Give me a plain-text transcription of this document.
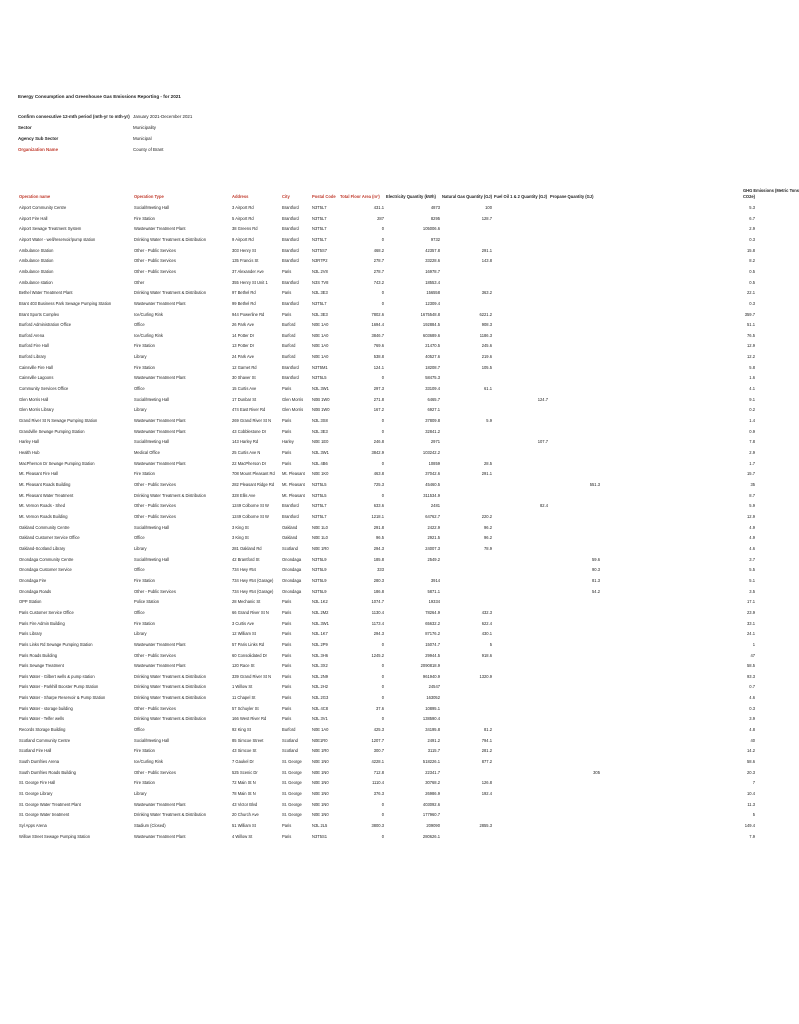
Energy Consumption and Greenhouse Gas Emissions Reporting - for 2021
Confirm consecutive 12-mth period (mth-yr to mth-yr) January 2021-December 2021
Sector	Municipality
Agency Sub Sector	Municipal
Organization Name	County of Brant
Operation name	Operation Type	Address	City	Postal Code	Total Floor Area (m²)	Electricity Quantity (kWh)	Natural Gas Quantity (GJ)	Fuel Oil 1 & 2 Quantity (GJ)	Propane Quantity (GJ)	GHG Emissions (Metric Tons
CO2e)
Airport Community Centre	Social/Meeting Hall	3 Airport Rd	Brantford	N3T5L7	431.1	4873	100			5.3
Airport Fire Hall	Fire Station	5 Airport Rd	Brantford	N3T5L7	287	8295	128.7			6.7
Airport Sewage Treatment System	Wastewater Treatment Plant	38 Greens Rd	Brantford	N3T5L7	0	105006.6				2.9
Airport Water - well/reservoir/pump station	Drinking Water Treatment & Distribution	9 Airport Rd	Brantford	N3T5L7	0	9732				0.3
Ambulance Station	Other - Public Services	303 Henry St	Brantford	N3T5S7	468.2	42357.8	291.1			15.8
Ambulance Station	Other - Public Services	135 Francis St	Brantford	N3R7P2	278.7	33228.6	143.8			8.2
Ambulance Station	Other - Public Services	37 Alexander Ave	Paris	N3L 2V8	278.7	16978.7				0.5
Ambulance station	Other	355 Henry St Unit 1	Brantford	N3S 7V8	743.2	18553.4				0.5
Bethel Water Treatment Plant	Drinking Water Treatment & Distribution	97 Bethel Rd	Paris	N3L 3E3	0	156558	363.2			22.1
Brant 403 Business Park Sewage Pumping Station	Wastewater Treatment Plant	99 Bethel Rd	Brantford	N3T5L7	0	12309.4				0.3
Brant Sports Complex	Ice/Curling Rink	944 Powerline Rd	Paris	N3L 3E3	7802.6	1675548.8	6221.2			359.7
Burford Administration Office	Office	26 Park Ave	Burford	N0E 1A0	1694.4	192884.5	908.3			51.1
Burford Arena	Ice/Curling Rink	14 Potter Dr	Burford	N0E 1A0	3846.7	603689.6	1186.3			76.5
Burford Fire Hall	Fire Station	13 Potter Dr	Burford	N0E 1A0	769.6	21470.5	245.6			12.9
Burford Library	Library	24 Park Ave	Burford	N0E 1A0	538.8	40527.6	219.6			12.2
Cainsville Fire Hall	Fire Station	12 Garnet Rd	Brantford	N3T5M1	124.1	18208.7	105.5			5.8
Cainsville Lagoons	Wastewater Treatment Plant	30 Shaver St	Brantford	N3T5L5	0	58475.3				1.6
Community Services Office	Office	15 Curtis Ave	Paris	N3L 3W1	297.3	33109.4	61.1			4.1
Glen Morris Hall	Social/Meeting Hall	17 Dunbar St	Glen Morris	N0B 1W0	271.8	6465.7		124.7		9.1
Glen Morris Library	Library	474 East River Rd	Glen Morris	N0B 1W0	167.2	6927.1				0.2
Grand River St N Sewage Pumping Station	Wastewater Treatment Plant	269 Grand River St N	Paris	N3L 3S8	0	37809.8	5.9			1.4
Grandville Sewage Pumping Station	Wastewater Treatment Plant	43 Cobblestone Dr	Paris	N3L 3E3	0	32841.2				0.9
Harley Hall	Social/Meeting Hall	143 Harley Rd	Harley	N0E 1E0	246.8	2971		107.7		7.8
Health Hub	Medical Office	25 Curtis Ave N	Paris	N3L 3W1	3842.9	103242.2				2.9
MacPherson Dr Sewage Pumping Station	Wastewater Treatment Plant	22 MacPherson Dr	Paris	N3L 4B6	0	10859	28.5			1.7
Mt. Pleasant Fire Hall	Fire Station	708 Mount Pleasant Rd	Mt. Pleasant	N0E 1K0	463.8	37042.6	291.1			15.7
Mt. Pleasant Roads Building	Other - Public Services	282 Pleasant Ridge Rd	Mt. Pleasant	N3T5L5	725.3	45460.5			551.3	35
Mt. Pleasant Water Treatment	Drinking Water Treatment & Distribution	328 Ellis Ave	Mt. Pleasant	N3T5L5	0	311534.9				8.7
Mt. Vernon Roads - Shed	Other - Public Services	1249 Colborne St W	Brantford	N3T5L7	633.6	2481		82.4		5.9
Mt. Vernon Roads Building	Other - Public Services	1249 Colborne St W	Brantford	N3T5L7	1218.1	64762.7	220.2			12.9
Oakland Community Centre	Social/Meeting Hall	3 King St	Oakland	N0E 1L0	291.8	2422.9	96.2			4.9
Oakland Customer Service Office	Office	3 King St	Oakland	N0E 1L0	96.5	2921.5	96.2			4.9
Oakland-Scotland Library	Library	281 Oakland Rd	Scotland	N0E 1R0	294.3	24007.3	78.9			4.6
Onondaga Community Centre	Social/Meeting Hall	42 Brantford St	Onondaga	N3T5L9	185.8	2549.2			59.6	3.7
Onondaga Customer Service	Office	734 Hwy #54	Onondaga	N3T5L9	333				90.3	5.5
Onondaga Fire	Fire Station	734 Hwy #54 (Garage)	Onondaga	N3T5L9	280.3	3914			81.3	5.1
Onondaga Roads	Other - Public Services	734 Hwy #54 (Garage)	Onondaga	N3T5L9	186.8	5871.1			54.2	3.5
OPP Station	Police Station	28 Mechanic St	Paris	N3L 1K2	1074.7	19334				17.1
Paris Customer Service Office	Office	66 Grand River St N	Paris	N3L 2M2	1130.4	78264.9	432.3			23.9
Paris Fire Admin Building	Fire Station	3 Curtis Ave	Paris	N3L 3W1	1173.4	65632.2	622.4			33.1
Paris Library	Library	12 William St	Paris	N3L 1K7	294.3	87176.2	430.1			24.1
Paris Links Rd Sewage Pumping Station	Wastewater Treatment Plant	57 Paris Links Rd	Paris	N3L 2P9	0	15074.7	5			1
Paris Roads Building	Other - Public Services	60 Consolidated Dr	Paris	N3L 3H6	1245.2	29944.5	918.6			47
Paris Sewage Treatment	Wastewater Treatment Plant	120 Race St	Paris	N3L 3X2	0	2090818.9				58.5
Paris Water - Gilbert wells & pump station	Drinking Water Treatment & Distribution	339 Grand River St N	Paris	N3L 2N9	0	961940.9	1320.9			93.3
Paris Water - Parkhill Booster Pump Station	Drinking Water Treatment & Distribution	1 Willow St	Paris	N3L 2H2	0	24547				0.7
Paris Water - Sharpe Reservoir & Pump Station	Drinking Water Treatment & Distribution	11 Chapel St	Paris	N3L 2G3	0	163052				4.6
Paris Water - storage building	Other - Public Services	57 Schuyler St	Paris	N3L 4C8	37.6	10895.1				0.3
Paris Water - Telfer wells	Drinking Water Treatment & Distribution	166 West River Rd	Paris	N3L 3V1	0	138590.4				3.9
Records Storage Building	Office	92 King St	Burford	N0E 1A0	425.3	34195.8	81.2			4.8
Scotland Community Centre	Social/Meeting Hall	85 Simcoe Street	Scotland	N0E1R0	1207.7	2491.2	794.1			40
Scotland Fire Hall	Fire Station	43 Simcoe St	Scotland	N0E 1R0	300.7	3115.7	281.2			14.2
South Dumfries Arena	Ice/Curling Rink	7 Gaukel Dr	St. George	N0E 1N0	4228.1	518226.1	877.2			58.6
South Dumfries Roads Building	Other - Public Services	525 Scenic Dr	St. George	N0E 1N0	712.8	22341.7			305	20.3
St. George Fire Hall	Fire Station	72 Main St N	St. George	N0E 1N0	1110.4	30768.2	126.8			7
St. George Library	Library	78 Main St N	St. George	N0E 1N0	376.3	26986.9	192.4			10.4
St. George Water Treatment Plant	Wastewater Treatment Plant	43 Victor Blvd	St. George	N0E 1N0	0	403092.6				11.3
St. George Water treatment	Drinking Water Treatment & Distribution	20 Church Ave	St. George	N0E 1N0	0	177960.7				5
Syl Apps Arena	Stadium (Closed)	51 William St	Paris	N3L 2L5	3800.3	209090	2855.3			149.4
Willow Street Sewage Pumping Station	Wastewater Treatment Plant	4 Willow St	Paris	N3T5S1	0	280626.1				7.9
